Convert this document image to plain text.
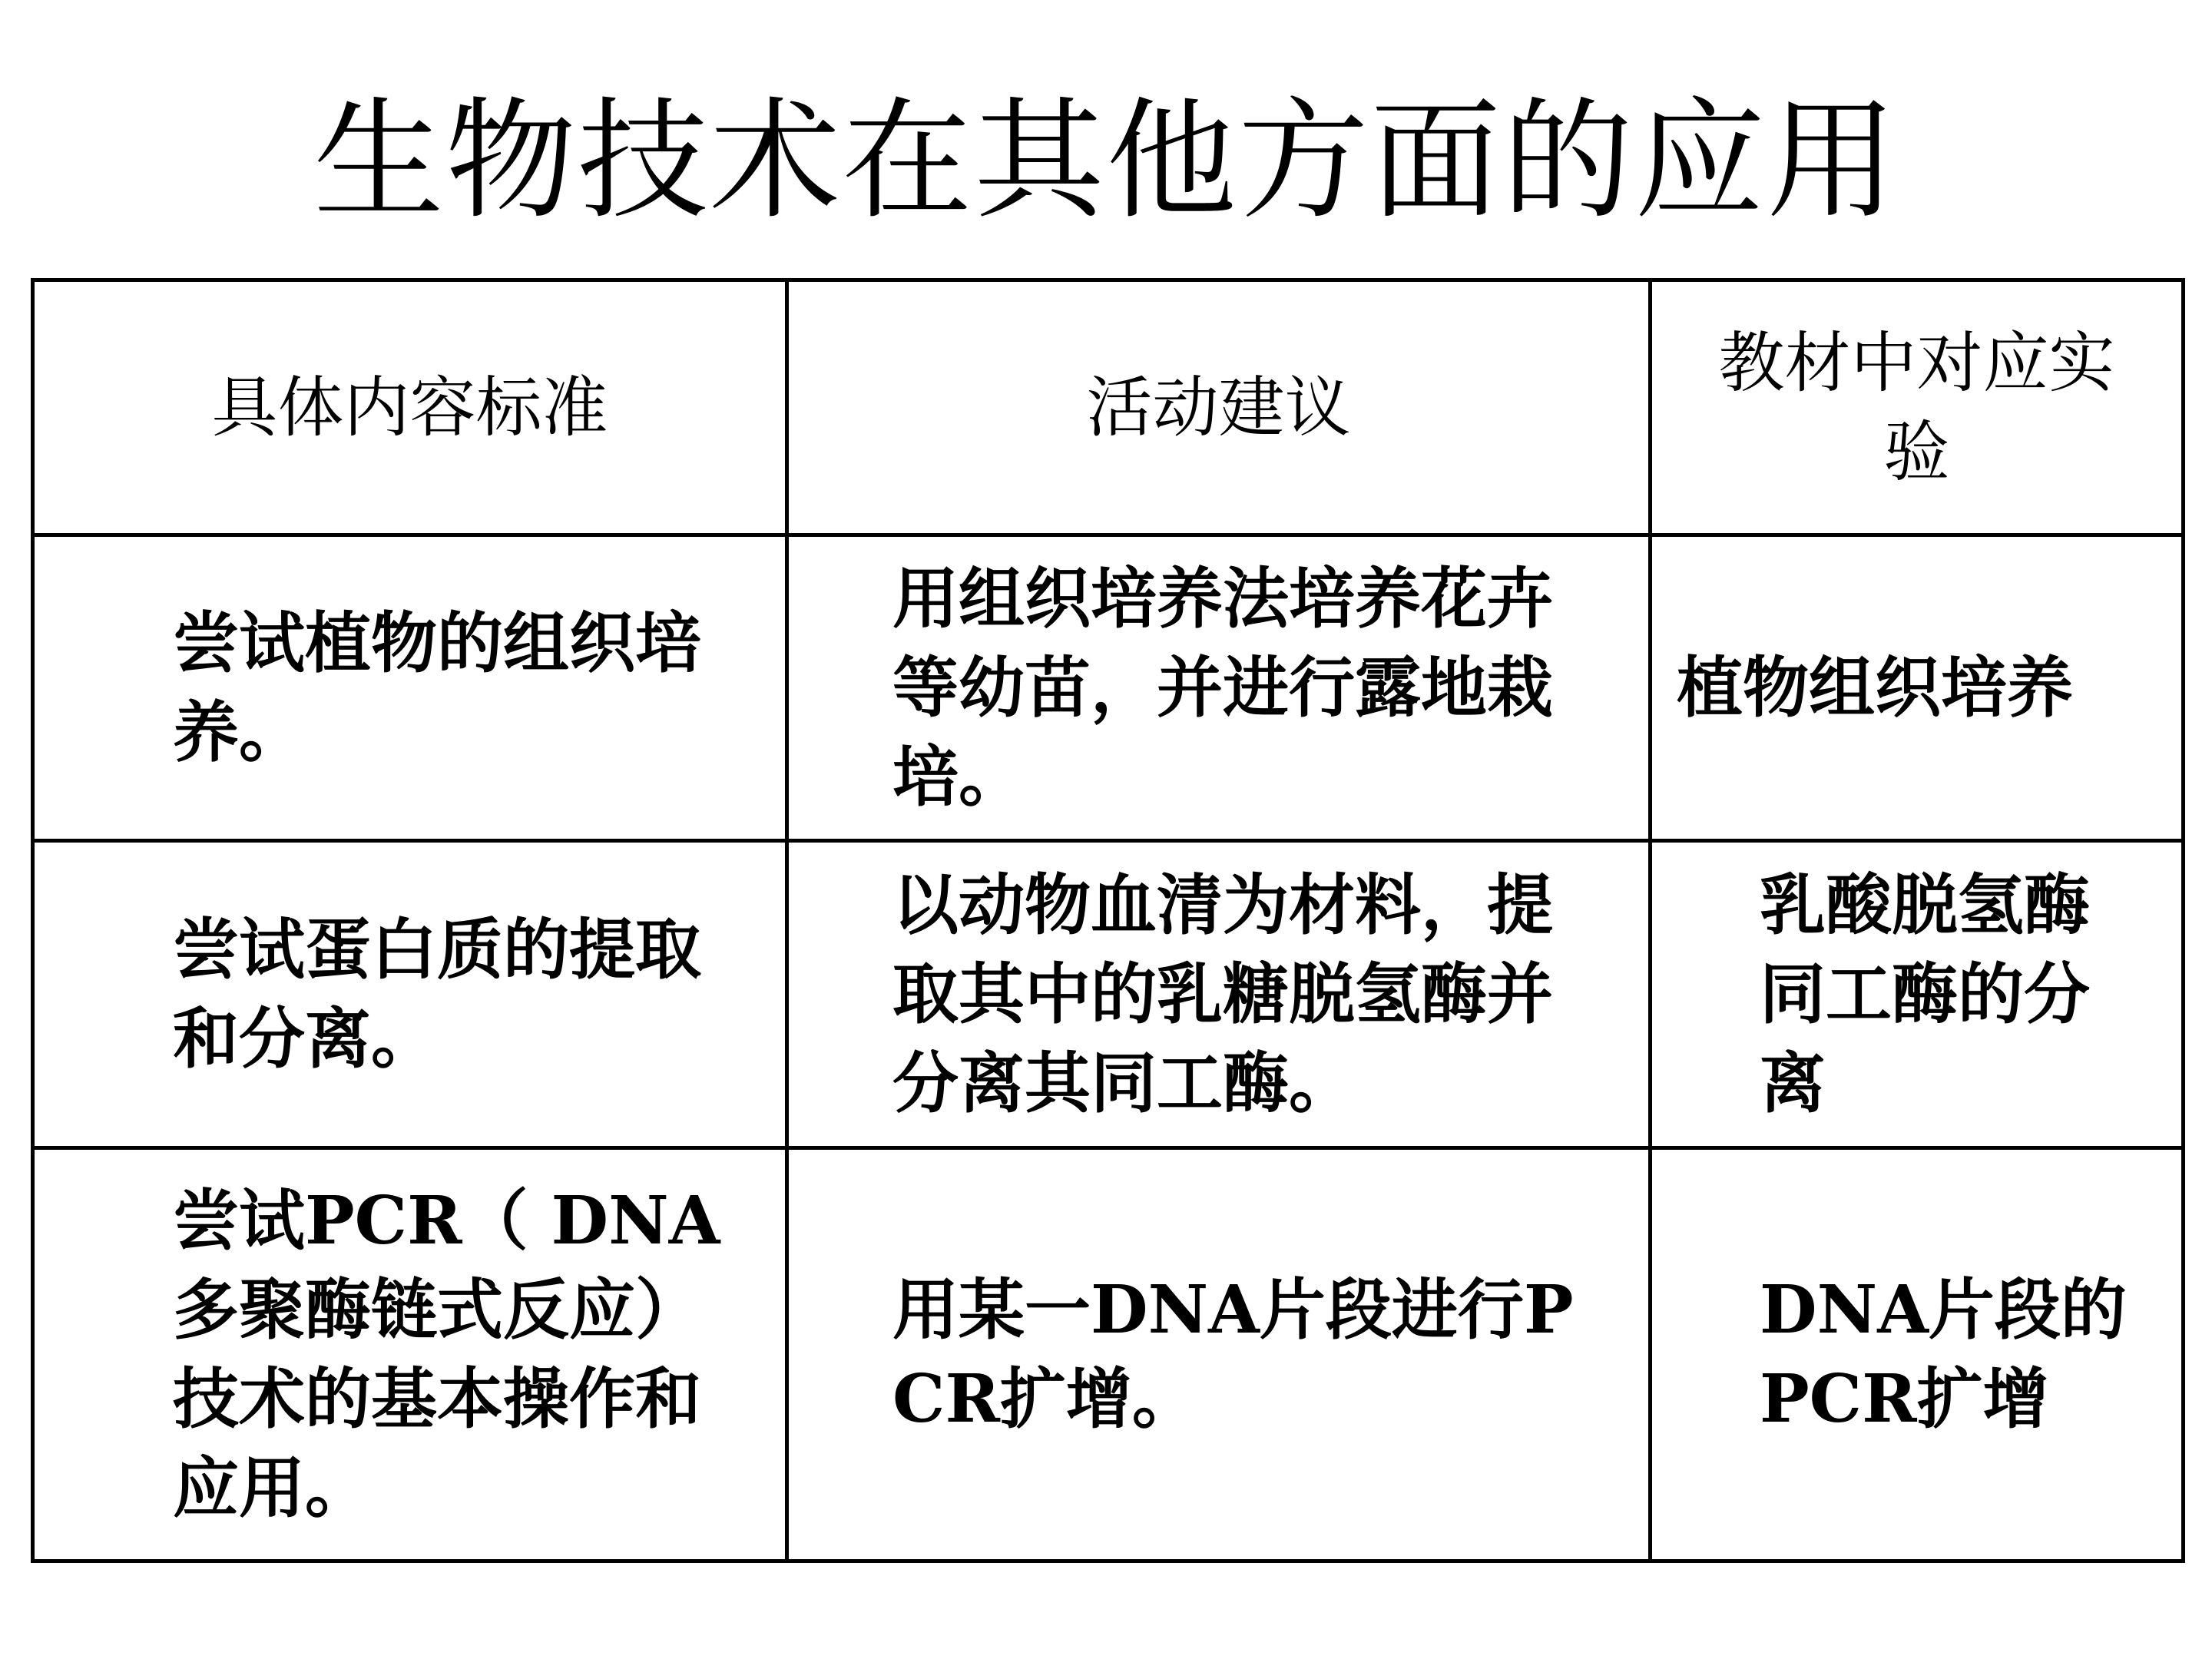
生物技术在其他方面的应用
具体内容标准	活动建议	教材中对应实验

尝试植物的组织培养。	用组织培养法培养花卉等幼苗，并进行露地栽培。	植物组织培养

尝试蛋白质的提取和分离。	以动物血清为材料，提取其中的乳糖脱氢酶并分离其同工酶。	乳酸脱氢酶同工酶的分离

尝试PCR（ DNA多聚酶链式反应）技术的基本操作和应用。	用某一DNA片段进行PCR扩增。	DNA片段的PCR扩增
